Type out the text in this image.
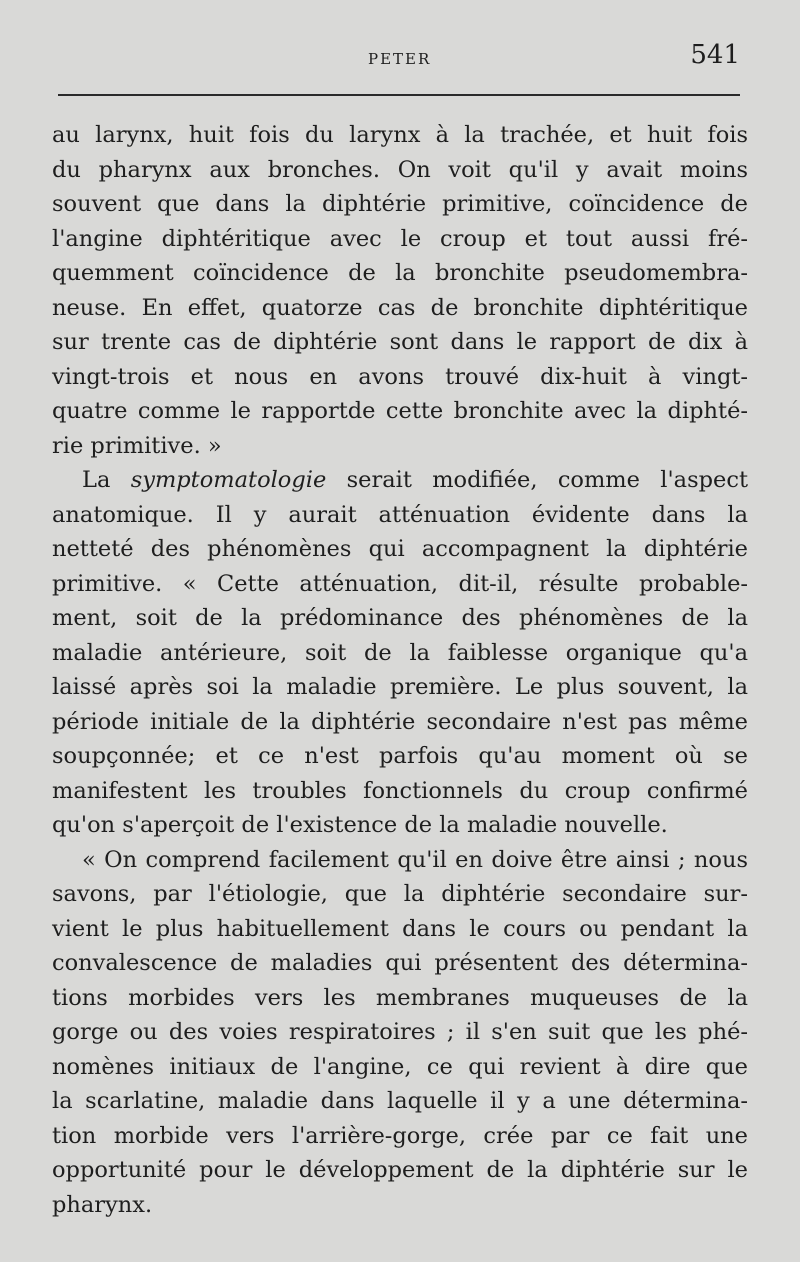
PETER	541
au larynx, huit fois du larynx à la trachée, et huit fois
du pharynx aux bronches. On voit qu'il y avait moins
souvent que dans la diphtérie primitive, coïncidence de
l'angine diphtéritique avec le croup et tout aussi fré-
quemment coïncidence de la bronchite pseudomembra-
neuse. En effet, quatorze cas de bronchite diphtéritique
sur trente cas de diphtérie sont dans le rapport de dix à
vingt-trois et nous en avons trouvé dix-huit à vingt-
quatre comme le rapportde cette bronchite avec la diphté-
rie primitive. »
La symptomatologie serait modifiée, comme l'aspect
anatomique. Il y aurait atténuation évidente dans la
netteté des phénomènes qui accompagnent la diphtérie
primitive. « Cette atténuation, dit-il, résulte probable-
ment, soit de la prédominance des phénomènes de la
maladie antérieure, soit de la faiblesse organique qu'a
laissé après soi la maladie première. Le plus souvent, la
période initiale de la diphtérie secondaire n'est pas même
soupçonnée; et ce n'est parfois qu'au moment où se
manifestent les troubles fonctionnels du croup confirmé
qu'on s'aperçoit de l'existence de la maladie nouvelle.
« On comprend facilement qu'il en doive être ainsi ; nous
savons, par l'étiologie, que la diphtérie secondaire sur-
vient le plus habituellement dans le cours ou pendant la
convalescence de maladies qui présentent des détermina-
tions morbides vers les membranes muqueuses de la
gorge ou des voies respiratoires ; il s'en suit que les phé-
nomènes initiaux de l'angine, ce qui revient à dire que
la scarlatine, maladie dans laquelle il y a une détermina-
tion morbide vers l'arrière-gorge, crée par ce fait une
opportunité pour le développement de la diphtérie sur le
pharynx.
